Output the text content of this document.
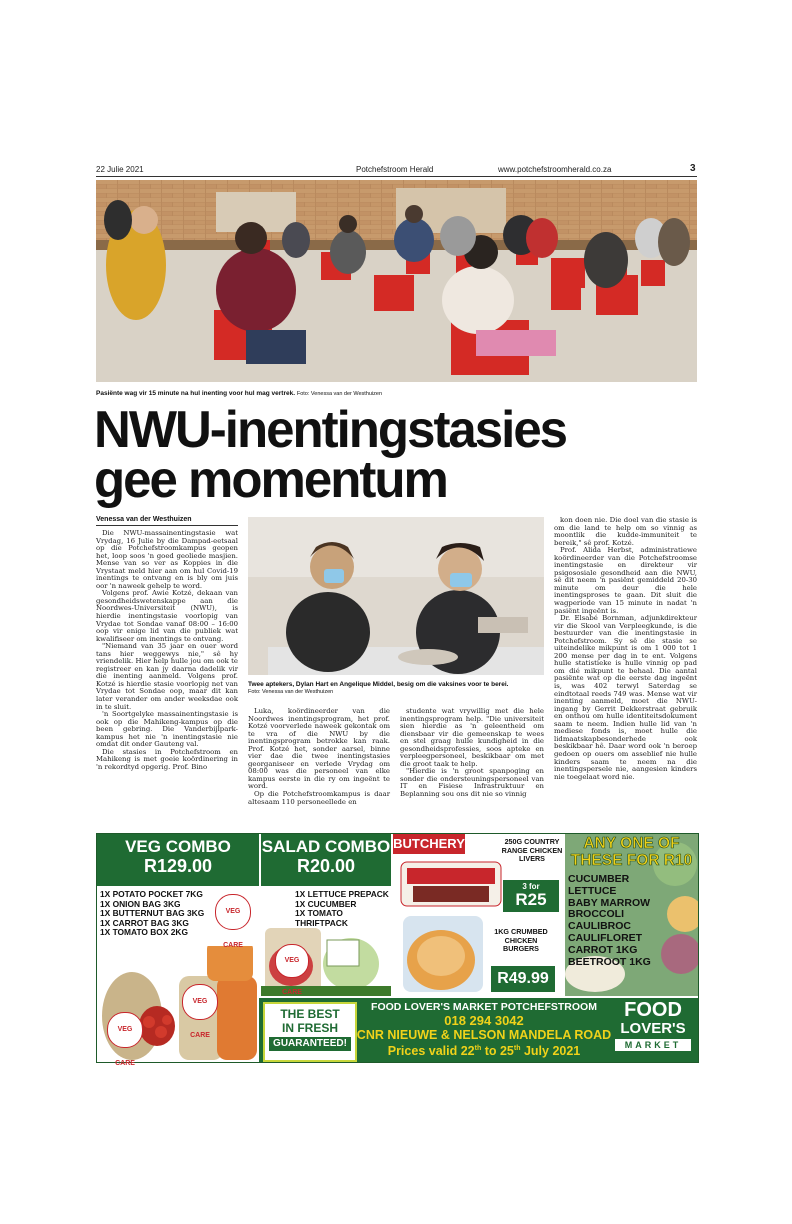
22 Julie 2021	Potchefstroom Herald	www.potchefstroomherald.co.za	3
Pasiënte wag vir 15 minute na hul inenting voor hul mag vertrek. Foto: Venessa van der Westhuizen
NWU-inentingstasies
gee momentum
Venessa van der Westhuizen
Twee aptekers, Dylan Hart en Angelique Middel, besig om die vaksines voor te berei.
Foto: Venessa van der Westhuizen

Die NWU-massainentingstasie wat Vrydag, 16 Julie by die Dampad-eetsaal op die Potchefstroomkampus geopen het, loop soos 'n goed geoliede masjien. Mense van so ver as Koppies in die Vrystaat meld hier aan om hul Covid-19 inentings te ontvang en is bly om juis oor 'n naweek gehelp te word.

Volgens prof. Awie Kotzé, dekaan van gesondheidswetenskappe aan die Noordwes-Universiteit (NWU), is hierdie inentingstasie voorlopig van Vrydae tot Sondae vanaf 08:00 – 16:00 oop vir enige lid van die publiek wat kwalifiseer om inentings te ontvang.

"Niemand van 35 jaar en ouer word tans hier weggewys nie," sê hy vriendelik. Hier help hulle jou om ook te registreer en kan jy daarna dadelik vir die inenting aanmeld. Volgens prof. Kotzé is hierdie stasie voorlopig net van Vrydae tot Sondae oop, maar dit kan later verander om ander weeksdae ook in te sluit.

'n Soortgelyke massainentingstasie is ook op die Mahikeng-kampus op die been gebring. Die Vanderbijlpark-kampus het nie 'n inentingstasie nie omdat dit onder Gauteng val.

Die stasies in Potchefstroom en Mahikeng is met goeie koördinering in 'n rekordtyd opgerig. Prof. Bino

Luka, koördineerder van die Noordwes inentingsprogram, het prof. Kotzé voorverlede naweek gekontak om te vra of die NWU by die inentingsprogram betrokke kan raak. Prof. Kotzé het, sonder aarsel, binne vier dae die twee inentingstasies georganiseer en verlede Vrydag om 08:00 was die personeel van elke kampus eerste in die ry om ingeënt te word.

Op die Potchefstroomkampus is daar altesaam 110 personeellede en

studente wat vrywillig met die hele inentingsprogram help. "Die universiteit sien hierdie as 'n geleentheid om diensbaar vir die gemeenskap te wees en stel graag hulle kundigheid in die gesondheidsprofessies, soos apteke en verpleegpersoneel, beskikbaar om met die groot taak te help.

"Hierdie is 'n groot spanpoging en sonder die ondersteuningspersoneel van IT en Fisiese Infrastruktuur en Beplanning sou ons dit nie so vinnig

kon doen nie. Die doel van die stasie is om die land te help om so vinnig as moontlik die kudde-immuniteit te bereik," sê prof. Kotzé.

Prof. Alida Herbst, administratiewe koördineerder van die Potchefstroomse inentingstasie en direkteur vir psigososiale gesondheid aan die NWU, sê dit neem 'n pasiënt gemiddeld 20-30 minute om deur die hele inentingsproses te gaan. Dit sluit die wagperiode van 15 minute in nadat 'n pasiënt ingeënt is.

Dr. Elsabé Bornman, adjunkdirekteur vir die Skool van Verpleegkunde, is die bestuurder van die inentingstasie in Potchefstroom. Sy sê die stasie se uiteindelike mikpunt is om 1 000 tot 1 200 mense per dag in te ent. Volgens hulle statistieke is hulle vinnig op pad om dié mikpunt te behaal. Die aantal pasiënte wat op die eerste dag ingeënt is, was 402 terwyl Saterdag se eindtotaal reeds 749 was. Mense wat vir inenting aanmeld, moet die NWU-ingang by Gerrit Dekkerstraat gebruik en onthou om hulle identiteitsdokument saam te neem. Indien hulle lid van 'n mediese fonds is, moet hulle die lidmaatskapbesonderhede ook beskikbaar hê. Daar word ook 'n beroep gedoen op ouers om asseblief nie hulle kinders saam te neem na die inentingspersele nie, aangesien kinders nie toegelaat word nie.

VEG COMBO
R129.00
1X POTATO POCKET 7KG
1X ONION BAG 3KG
1X BUTTERNUT BAG 3KG
1X CARROT BAG 3KG
1X TOMATO BOX 2KG
VEG CARE
VEG CARE
VEG CARE
SALAD COMBO
R20.00
1X LETTUCE PREPACK
1X CUCUMBER
1X TOMATO THRIFTPACK
VEG CARE
BUTCHERY	250G COUNTRY RANGE CHICKEN LIVERS
3 for
R25
1KG CRUMBED CHICKEN BURGERS
R49.99
ANY ONE OF
THESE FOR R10
CUCUMBER
LETTUCE
BABY MARROW
BROCCOLI
CAULIBROC
CAULIFLORET
CARROT 1KG
BEETROOT 1KG
THE BEST
IN FRESH
GUARANTEED!
FOOD LOVER'S MARKET POTCHEFSTROOM
018 294 3042
CNR NIEUWE & NELSON MANDELA ROAD
Prices valid 22th to 25th July 2021
FOOD
LOVER'S
MARKET
